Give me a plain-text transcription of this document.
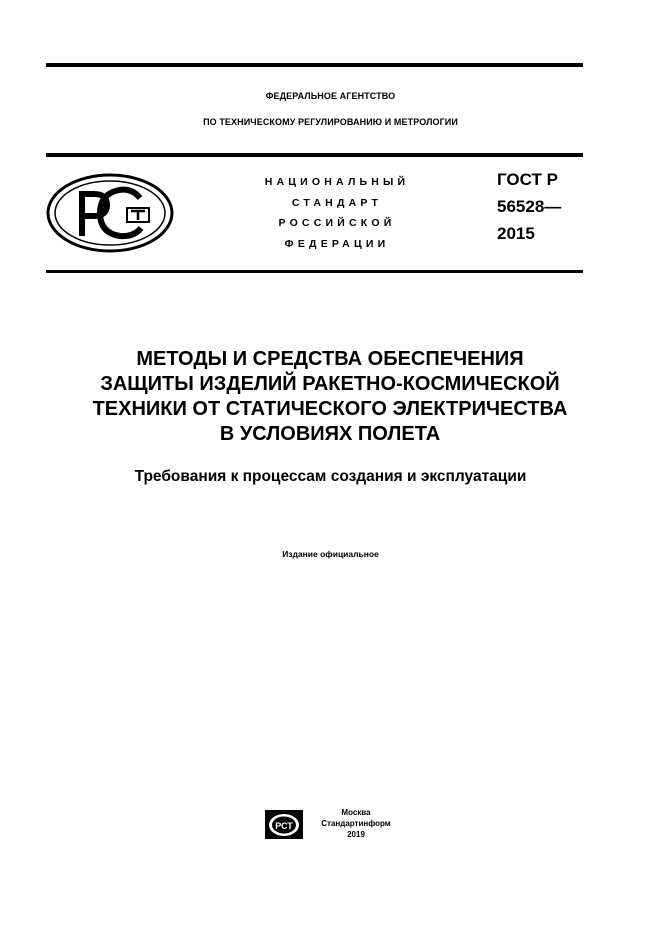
ФЕДЕРАЛЬНОЕ АГЕНТСТВО
ПО ТЕХНИЧЕСКОМУ РЕГУЛИРОВАНИЮ И МЕТРОЛОГИИ
НАЦИОНАЛЬНЫЙ
СТАНДАРТ
РОССИЙСКОЙ
ФЕДЕРАЦИИ
ГОСТ Р
56528—
2015
МЕТОДЫ И СРЕДСТВА ОБЕСПЕЧЕНИЯ
ЗАЩИТЫ ИЗДЕЛИЙ РАКЕТНО-КОСМИЧЕСКОЙ
ТЕХНИКИ ОТ СТАТИЧЕСКОГО ЭЛЕКТРИЧЕСТВА
В УСЛОВИЯХ ПОЛЕТА
Требования к процессам создания и эксплуатации
Издание официальное
РСТ
Москва
Стандартинформ
2019
